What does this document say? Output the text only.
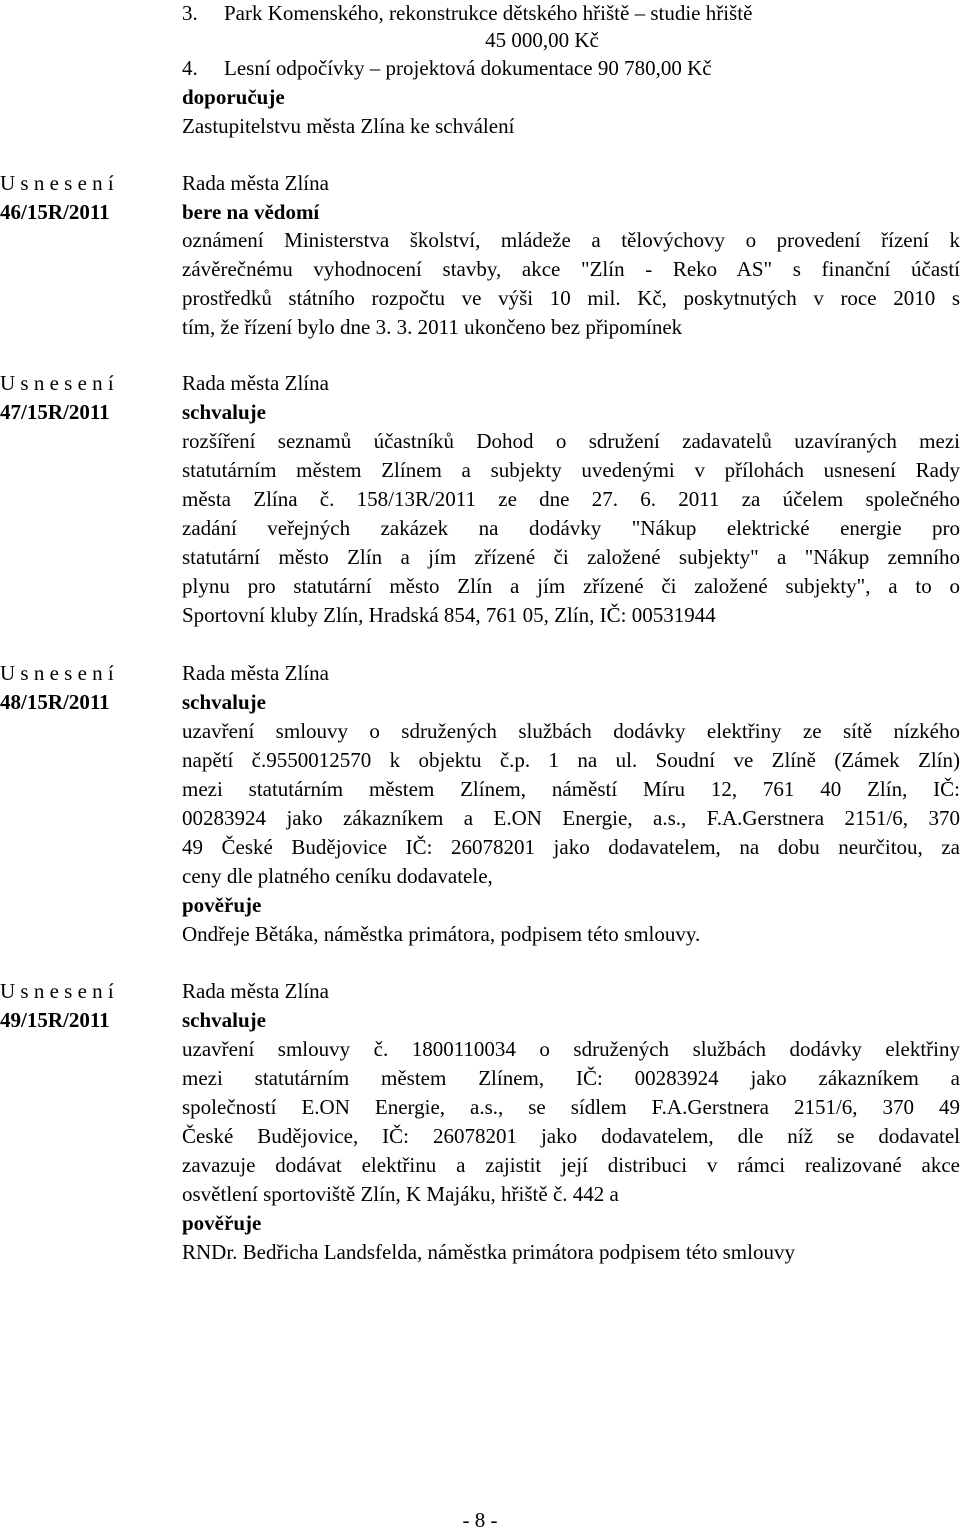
3.     Park Komenského, rekonstrukce dětského hřiště – studie hřiště
45 000,00 Kč
4.     Lesní odpočívky – projektová dokumentace 90 780,00 Kč
doporučuje
Zastupitelstvu města Zlína ke schválení
U s n e s e n í
46/15R/2011
Rada města Zlína
bere na vědomí
oznámení Ministerstva školství, mládeže a tělovýchovy o provedení řízení k
závěrečnému vyhodnocení stavby, akce "Zlín - Reko AS" s finanční účastí
prostředků státního rozpočtu ve výši 10 mil. Kč, poskytnutých v roce 2010 s
tím, že řízení bylo dne 3. 3. 2011 ukončeno bez připomínek
U s n e s e n í
47/15R/2011
Rada města Zlína
schvaluje
rozšíření seznamů účastníků Dohod o sdružení zadavatelů uzavíraných mezi
statutárním městem Zlínem a subjekty uvedenými v přílohách usnesení Rady
města Zlína č. 158/13R/2011 ze dne 27. 6. 2011 za účelem společného
zadání veřejných zakázek na dodávky "Nákup elektrické energie pro
statutární město Zlín a jím zřízené či založené subjekty" a "Nákup zemního
plynu pro statutární město Zlín a jím zřízené či založené subjekty", a to o
Sportovní kluby Zlín, Hradská 854, 761 05, Zlín, IČ: 00531944
U s n e s e n í
48/15R/2011
Rada města Zlína
schvaluje
uzavření smlouvy o sdružených službách dodávky elektřiny ze sítě nízkého
napětí č.9550012570 k objektu č.p. 1 na ul. Soudní ve Zlíně (Zámek Zlín)
mezi statutárním městem Zlínem, náměstí Míru 12, 761 40 Zlín, IČ:
00283924 jako zákazníkem a E.ON Energie, a.s., F.A.Gerstnera 2151/6, 370
49 České Budějovice IČ: 26078201 jako dodavatelem, na dobu neurčitou, za
ceny dle platného ceníku dodavatele,
pověřuje
Ondřeje Bětáka, náměstka primátora, podpisem této smlouvy.
U s n e s e n í
49/15R/2011
Rada města Zlína
schvaluje
uzavření smlouvy č. 1800110034 o sdružených službách dodávky elektřiny
mezi statutárním městem Zlínem, IČ: 00283924 jako zákazníkem a
společností E.ON Energie, a.s., se sídlem F.A.Gerstnera 2151/6, 370 49
České Budějovice, IČ: 26078201 jako dodavatelem, dle níž se dodavatel
zavazuje dodávat elektřinu a zajistit její distribuci v rámci realizované akce
osvětlení sportoviště Zlín, K Majáku, hřiště č. 442 a
pověřuje
RNDr. Bedřicha Landsfelda, náměstka primátora podpisem této smlouvy
- 8 -
